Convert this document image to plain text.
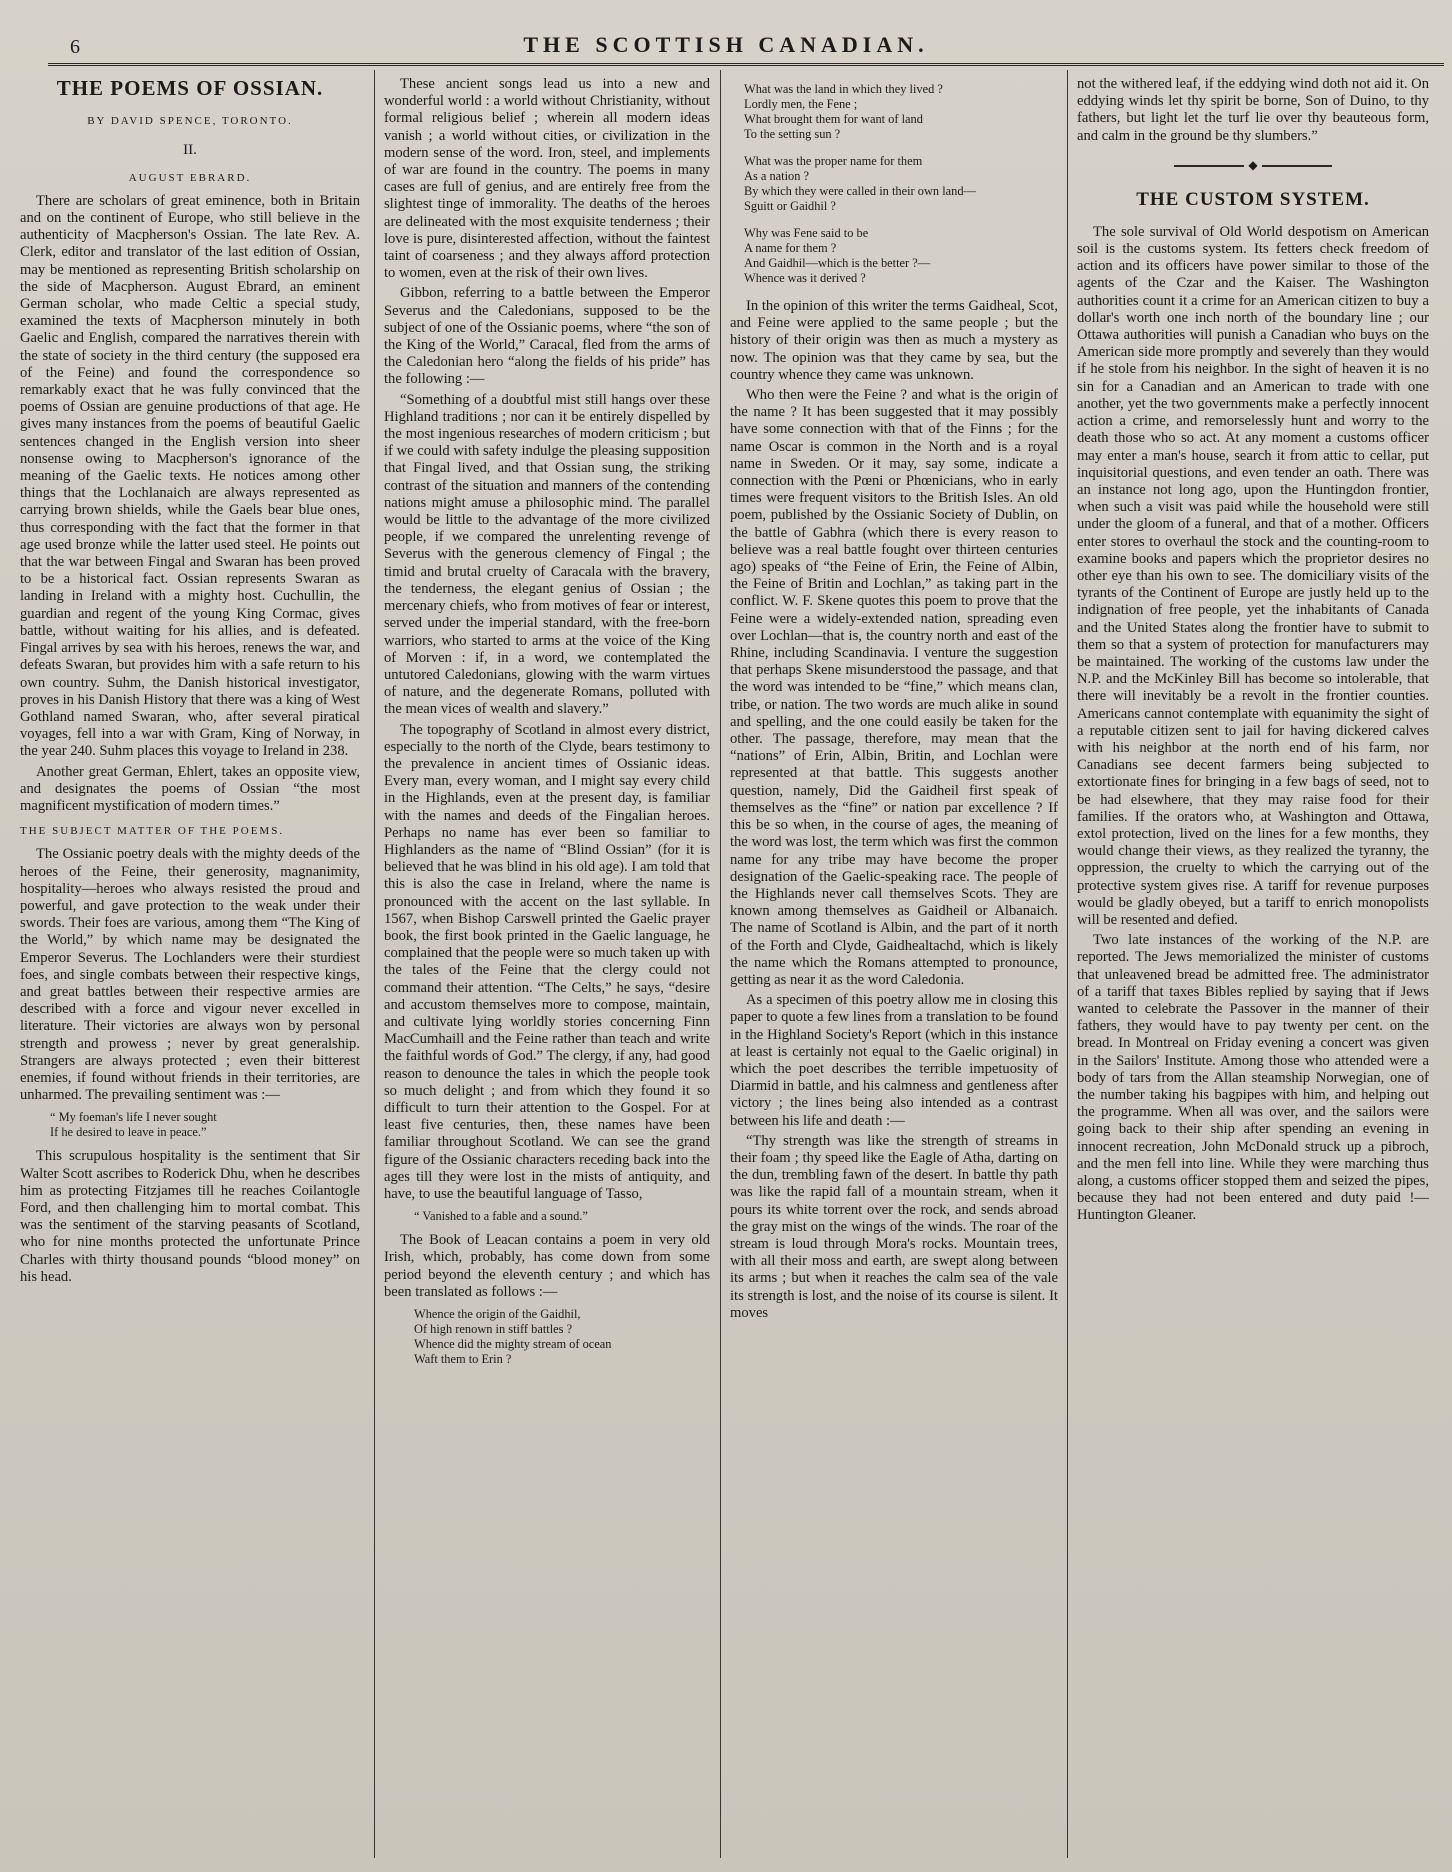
6	THE SCOTTISH CANADIAN.
THE POEMS OF OSSIAN.
BY DAVID SPENCE, TORONTO.
II.
AUGUST EBRARD.

There are scholars of great eminence, both in Britain and on the continent of Europe, who still believe in the authenticity of Macpherson's Ossian. The late Rev. A. Clerk, editor and translator of the last edition of Ossian, may be mentioned as representing British scholarship on the side of Macpherson. August Ebrard, an eminent German scholar, who made Celtic a special study, examined the texts of Macpherson minutely in both Gaelic and English, compared the narratives therein with the state of society in the third century (the supposed era of the Feine) and found the correspondence so remarkably exact that he was fully convinced that the poems of Ossian are genuine productions of that age. He gives many instances from the poems of beautiful Gaelic sentences changed in the English version into sheer nonsense owing to Macpherson's ignorance of the meaning of the Gaelic texts. He notices among other things that the Lochlanaich are always represented as carrying brown shields, while the Gaels bear blue ones, thus corresponding with the fact that the former in that age used bronze while the latter used steel. He points out that the war between Fingal and Swaran has been proved to be a historical fact. Ossian represents Swaran as landing in Ireland with a mighty host. Cuchullin, the guardian and regent of the young King Cormac, gives battle, without waiting for his allies, and is defeated. Fingal arrives by sea with his heroes, renews the war, and defeats Swaran, but provides him with a safe return to his own country. Suhm, the Danish historical investigator, proves in his Danish History that there was a king of West Gothland named Swaran, who, after several piratical voyages, fell into a war with Gram, King of Norway, in the year 240. Suhm places this voyage to Ireland in 238.

Another great German, Ehlert, takes an opposite view, and designates the poems of Ossian “the most magnificent mystification of modern times.”

THE SUBJECT MATTER OF THE POEMS.

The Ossianic poetry deals with the mighty deeds of the heroes of the Feine, their generosity, magnanimity, hospitality—heroes who always resisted the proud and powerful, and gave protection to the weak under their swords. Their foes are various, among them “The King of the World,” by which name may be designated the Emperor Severus. The Lochlanders were their sturdiest foes, and single combats between their respective kings, and great battles between their respective armies are described with a force and vigour never excelled in literature. Their victories are always won by personal strength and prowess ; never by great generalship. Strangers are always protected ; even their bitterest enemies, if found without friends in their territories, are unharmed. The prevailing sentiment was :—

“ My foeman's life I never sought
If he desired to leave in peace.”

This scrupulous hospitality is the sentiment that Sir Walter Scott ascribes to Roderick Dhu, when he describes him as protecting Fitzjames till he reaches Coilantogle Ford, and then challenging him to mortal combat. This was the sentiment of the starving peasants of Scotland, who for nine months protected the unfortunate Prince Charles with thirty thousand pounds “blood money” on his head.

These ancient songs lead us into a new and wonderful world : a world without Christianity, without formal religious belief ; wherein all modern ideas vanish ; a world without cities, or civilization in the modern sense of the word. Iron, steel, and implements of war are found in the country. The poems in many cases are full of genius, and are entirely free from the slightest tinge of immorality. The deaths of the heroes are delineated with the most exquisite tenderness ; their love is pure, disinterested affection, without the faintest taint of coarseness ; and they always afford protection to women, even at the risk of their own lives.

Gibbon, referring to a battle between the Emperor Severus and the Caledonians, supposed to be the subject of one of the Ossianic poems, where “the son of the King of the World,” Caracal, fled from the arms of the Caledonian hero “along the fields of his pride” has the following :—

“Something of a doubtful mist still hangs over these Highland traditions ; nor can it be entirely dispelled by the most ingenious researches of modern criticism ; but if we could with safety indulge the pleasing supposition that Fingal lived, and that Ossian sung, the striking contrast of the situation and manners of the contending nations might amuse a philosophic mind. The parallel would be little to the advantage of the more civilized people, if we compared the unrelenting revenge of Severus with the generous clemency of Fingal ; the timid and brutal cruelty of Caracala with the bravery, the tenderness, the elegant genius of Ossian ; the mercenary chiefs, who from motives of fear or interest, served under the imperial standard, with the free-born warriors, who started to arms at the voice of the King of Morven : if, in a word, we contemplated the untutored Caledonians, glowing with the warm virtues of nature, and the degenerate Romans, polluted with the mean vices of wealth and slavery.”

The topography of Scotland in almost every district, especially to the north of the Clyde, bears testimony to the prevalence in ancient times of Ossianic ideas. Every man, every woman, and I might say every child in the Highlands, even at the present day, is familiar with the names and deeds of the Fingalian heroes. Perhaps no name has ever been so familiar to Highlanders as the name of “Blind Ossian” (for it is believed that he was blind in his old age). I am told that this is also the case in Ireland, where the name is pronounced with the accent on the last syllable. In 1567, when Bishop Carswell printed the Gaelic prayer book, the first book printed in the Gaelic language, he complained that the people were so much taken up with the tales of the Feine that the clergy could not command their attention. “The Celts,” he says, “desire and accustom themselves more to compose, maintain, and cultivate lying worldly stories concerning Finn MacCumhaill and the Feine rather than teach and write the faithful words of God.” The clergy, if any, had good reason to denounce the tales in which the people took so much delight ; and from which they found it so difficult to turn their attention to the Gospel. For at least five centuries, then, these names have been familiar throughout Scotland. We can see the grand figure of the Ossianic characters receding back into the ages till they were lost in the mists of antiquity, and have, to use the beautiful language of Tasso,

“ Vanished to a fable and a sound.”

The Book of Leacan contains a poem in very old Irish, which, probably, has come down from some period beyond the eleventh century ; and which has been translated as follows :—

Whence the origin of the Gaidhil,
Of high renown in stiff battles ?
Whence did the mighty stream of ocean
Waft them to Erin ?
What was the land in which they lived ?
Lordly men, the Fene ;
What brought them for want of land
To the setting sun ?
What was the proper name for them
As a nation ?
By which they were called in their own land—
Sguitt or Gaidhil ?
Why was Fene said to be
A name for them ?
And Gaidhil—which is the better ?—
Whence was it derived ?

In the opinion of this writer the terms Gaidheal, Scot, and Feine were applied to the same people ; but the history of their origin was then as much a mystery as now. The opinion was that they came by sea, but the country whence they came was unknown.

Who then were the Feine ? and what is the origin of the name ? It has been suggested that it may possibly have some connection with that of the Finns ; for the name Oscar is common in the North and is a royal name in Sweden. Or it may, say some, indicate a connection with the Pœni or Phœnicians, who in early times were frequent visitors to the British Isles. An old poem, published by the Ossianic Society of Dublin, on the battle of Gabhra (which there is every reason to believe was a real battle fought over thirteen centuries ago) speaks of “the Feine of Erin, the Feine of Albin, the Feine of Britin and Lochlan,” as taking part in the conflict. W. F. Skene quotes this poem to prove that the Feine were a widely-extended nation, spreading even over Lochlan—that is, the country north and east of the Rhine, including Scandinavia. I venture the suggestion that perhaps Skene misunderstood the passage, and that the word was intended to be “fine,” which means clan, tribe, or nation. The two words are much alike in sound and spelling, and the one could easily be taken for the other. The passage, therefore, may mean that the “nations” of Erin, Albin, Britin, and Lochlan were represented at that battle. This suggests another question, namely, Did the Gaidheil first speak of themselves as the “fine” or nation par excellence ? If this be so when, in the course of ages, the meaning of the word was lost, the term which was first the common name for any tribe may have become the proper designation of the Gaelic-speaking race. The people of the Highlands never call themselves Scots. They are known among themselves as Gaidheil or Albanaich. The name of Scotland is Albin, and the part of it north of the Forth and Clyde, Gaidhealtachd, which is likely the name which the Romans attempted to pronounce, getting as near it as the word Caledonia.

As a specimen of this poetry allow me in closing this paper to quote a few lines from a translation to be found in the Highland Society's Report (which in this instance at least is certainly not equal to the Gaelic original) in which the poet describes the terrible impetuosity of Diarmid in battle, and his calmness and gentleness after victory ; the lines being also intended as a contrast between his life and death :—

“Thy strength was like the strength of streams in their foam ; thy speed like the Eagle of Atha, darting on the dun, trembling fawn of the desert. In battle thy path was like the rapid fall of a mountain stream, when it pours its white torrent over the rock, and sends abroad the gray mist on the wings of the winds. The roar of the stream is loud through Mora's rocks. Mountain trees, with all their moss and earth, are swept along between its arms ; but when it reaches the calm sea of the vale its strength is lost, and the noise of its course is silent. It moves

not the withered leaf, if the eddying wind doth not aid it. On eddying winds let thy spirit be borne, Son of Duino, to thy fathers, but light let the turf lie over thy beauteous form, and calm in the ground be thy slumbers.”

◆
THE CUSTOM SYSTEM.

The sole survival of Old World despotism on American soil is the customs system. Its fetters check freedom of action and its officers have power similar to those of the agents of the Czar and the Kaiser. The Washington authorities count it a crime for an American citizen to buy a dollar's worth one inch north of the boundary line ; our Ottawa authorities will punish a Canadian who buys on the American side more promptly and severely than they would if he stole from his neighbor. In the sight of heaven it is no sin for a Canadian and an American to trade with one another, yet the two governments make a perfectly innocent action a crime, and remorselessly hunt and worry to the death those who so act. At any moment a customs officer may enter a man's house, search it from attic to cellar, put inquisitorial questions, and even tender an oath. There was an instance not long ago, upon the Huntingdon frontier, when such a visit was paid while the household were still under the gloom of a funeral, and that of a mother. Officers enter stores to overhaul the stock and the counting-room to examine books and papers which the proprietor desires no other eye than his own to see. The domiciliary visits of the tyrants of the Continent of Europe are justly held up to the indignation of free people, yet the inhabitants of Canada and the United States along the frontier have to submit to them so that a system of protection for manufacturers may be maintained. The working of the customs law under the N.P. and the McKinley Bill has become so intolerable, that there will inevitably be a revolt in the frontier counties. Americans cannot contemplate with equanimity the sight of a reputable citizen sent to jail for having dickered calves with his neighbor at the north end of his farm, nor Canadians see decent farmers being subjected to extortionate fines for bringing in a few bags of seed, not to be had elsewhere, that they may raise food for their families. If the orators who, at Washington and Ottawa, extol protection, lived on the lines for a few months, they would change their views, as they realized the tyranny, the oppression, the cruelty to which the carrying out of the protective system gives rise. A tariff for revenue purposes would be gladly obeyed, but a tariff to enrich monopolists will be resented and defied.

Two late instances of the working of the N.P. are reported. The Jews memorialized the minister of customs that unleavened bread be admitted free. The administrator of a tariff that taxes Bibles replied by saying that if Jews wanted to celebrate the Passover in the manner of their fathers, they would have to pay twenty per cent. on the bread. In Montreal on Friday evening a concert was given in the Sailors' Institute. Among those who attended were a body of tars from the Allan steamship Norwegian, one of the number taking his bagpipes with him, and helping out the programme. When all was over, and the sailors were going back to their ship after spending an evening in innocent recreation, John McDonald struck up a pibroch, and the men fell into line. While they were marching thus along, a customs officer stopped them and seized the pipes, because they had not been entered and duty paid !—Huntington Gleaner.
